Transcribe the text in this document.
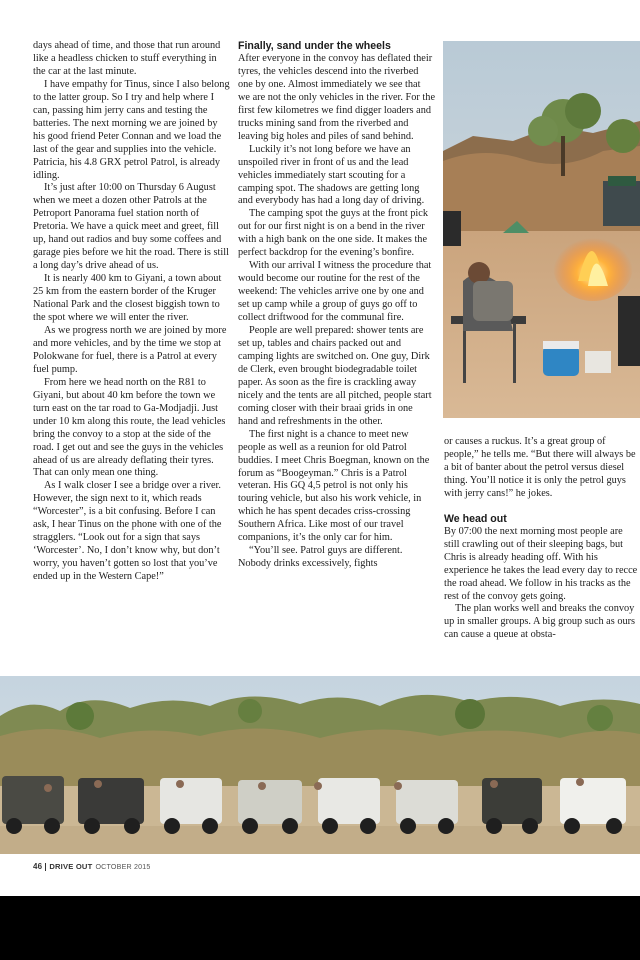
days ahead of time, and those that run around like a headless chicken to stuff everything in the car at the last minute.

I have empathy for Tinus, since I also belong to the latter group. So I try and help where I can, passing him jerry cans and testing the batteries. The next morning we are joined by his good friend Peter Connan and we load the last of the gear and supplies into the vehicle. Patricia, his 4.8 GRX petrol Patrol, is already idling.

It’s just after 10:00 on Thursday 6 August when we meet a dozen other Patrols at the Petroport Panorama fuel station north of Pretoria. We have a quick meet and greet, fill up, hand out radios and buy some coffees and garage pies before we hit the road. There is still a long day’s drive ahead of us.

It is nearly 400 km to Giyani, a town about 25 km from the eastern border of the Kruger National Park and the closest biggish town to the spot where we will enter the river.

As we progress north we are joined by more and more vehicles, and by the time we stop at Polokwane for fuel, there is a Patrol at every fuel pump.

From here we head north on the R81 to Giyani, but about 40 km before the town we turn east on the tar road to Ga-Modjadji. Just under 10 km along this route, the lead vehicles bring the convoy to a stop at the side of the road. I get out and see the guys in the vehicles ahead of us are already deflating their tyres. That can only mean one thing.

As I walk closer I see a bridge over a river. However, the sign next to it, which reads “Worcester”, is a bit confusing. Before I can ask, I hear Tinus on the phone with one of the stragglers. “Look out for a sign that says ‘Worcester’. No, I don’t know why, but don’t worry, you haven’t gotten so lost that you’ve ended up in the Western Cape!”

Finally, sand under the wheels

After everyone in the convoy has deflated their tyres, the vehicles descend into the riverbed one by one. Almost immediately we see that we are not the only vehicles in the river. For the first few kilometres we find digger loaders and trucks mining sand from the riverbed and leaving big holes and piles of sand behind.

Luckily it’s not long before we have an unspoiled river in front of us and the lead vehicles immediately start scouting for a camping spot. The shadows are getting long and everybody has had a long day of driving.

The camping spot the guys at the front pick out for our first night is on a bend in the river with a high bank on the one side. It makes the perfect backdrop for the evening’s bonfire.

With our arrival I witness the procedure that would become our routine for the rest of the weekend: The vehicles arrive one by one and set up camp while a group of guys go off to collect driftwood for the communal fire.

People are well prepared: shower tents are set up, tables and chairs packed out and camping lights are switched on. One guy, Dirk de Clerk, even brought biodegradable toilet paper. As soon as the fire is crackling away nicely and the tents are all pitched, people start coming closer with their braai grids in one hand and refreshments in the other.

The first night is a chance to meet new people as well as a reunion for old Patrol buddies. I meet Chris Boegman, known on the forum as “Boogeyman.” Chris is a Patrol veteran. His GQ 4,5 petrol is not only his touring vehicle, but also his work vehicle, in which he has spent decades criss-crossing Southern Africa. Like most of our travel companions, it’s the only car for him.

“You’ll see. Patrol guys are different. Nobody drinks excessively, fights

or causes a ruckus. It’s a great group of people,” he tells me. “But there will always be a bit of banter about the petrol versus diesel thing. You’ll notice it is only the petrol guys with jerry cans!” he jokes.

We head out

By 07:00 the next morning most people are still crawling out of their sleeping bags, but Chris is already heading off. With his experience he takes the lead every day to recce the road ahead. We follow in his tracks as the rest of the convoy gets going.

The plan works well and breaks the convoy up in smaller groups. A big group such as ours can cause a queue at obsta-

46 DRIVE OUT OCTOBER 2015
